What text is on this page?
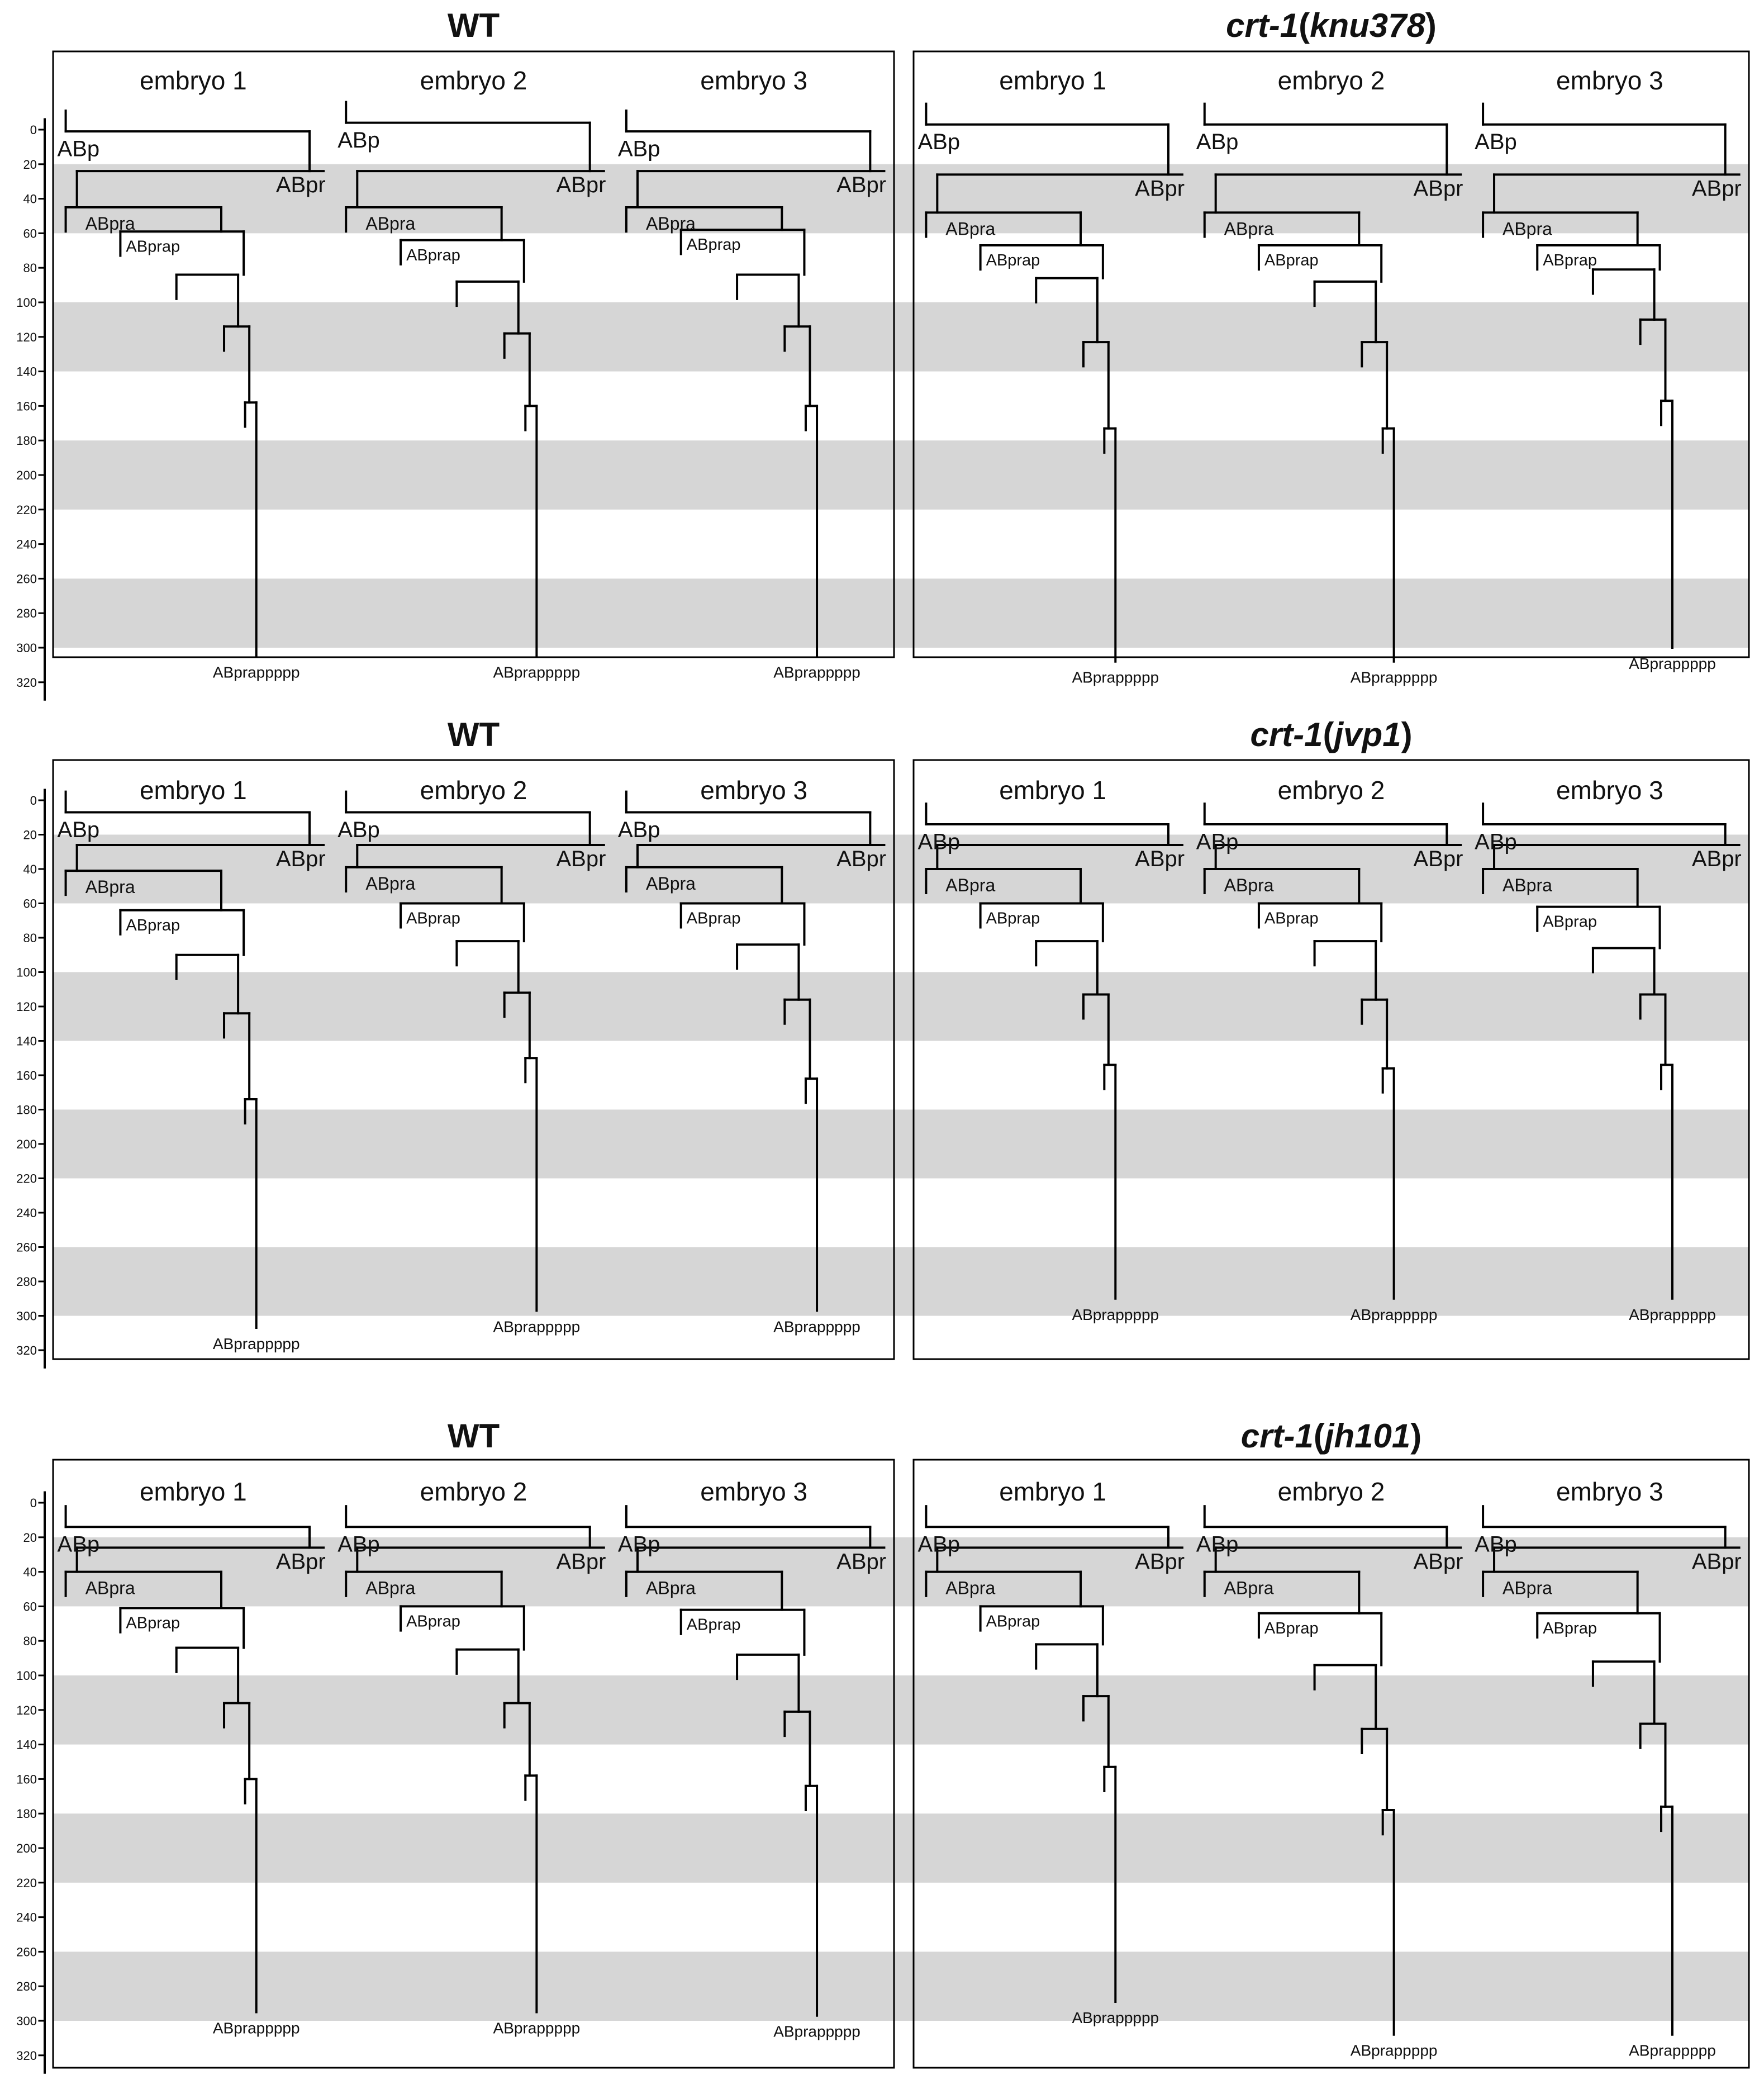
0
20
40
60
80
100
120
140
160
180
200
220
240
260
280
300
320
WT
embryo 1
ABp
ABpr
ABpra
ABprap
ABprappppp
embryo 2
ABp
ABpr
ABpra
ABprap
ABprappppp
embryo 3
ABp
ABpr
ABpra
ABprap
ABprappppp
crt-1(knu378)
embryo 1
ABp
ABpr
ABpra
ABprap
ABprappppp
embryo 2
ABp
ABpr
ABpra
ABprap
ABprappppp
embryo 3
ABp
ABpr
ABpra
ABprap
ABprappppp
0
20
40
60
80
100
120
140
160
180
200
220
240
260
280
300
320
WT
embryo 1
ABp
ABpr
ABpra
ABprap
ABprappppp
embryo 2
ABp
ABpr
ABpra
ABprap
ABprappppp
embryo 3
ABp
ABpr
ABpra
ABprap
ABprappppp
crt-1(jvp1)
embryo 1
ABp
ABpr
ABpra
ABprap
ABprappppp
embryo 2
ABp
ABpr
ABpra
ABprap
ABprappppp
embryo 3
ABp
ABpr
ABpra
ABprap
ABprappppp
0
20
40
60
80
100
120
140
160
180
200
220
240
260
280
300
320
WT
embryo 1
ABp
ABpr
ABpra
ABprap
ABprappppp
embryo 2
ABp
ABpr
ABpra
ABprap
ABprappppp
embryo 3
ABp
ABpr
ABpra
ABprap
ABprappppp
crt-1(jh101)
embryo 1
ABp
ABpr
ABpra
ABprap
ABprappppp
embryo 2
ABp
ABpr
ABpra
ABprap
ABprappppp
embryo 3
ABp
ABpr
ABpra
ABprap
ABprappppp
